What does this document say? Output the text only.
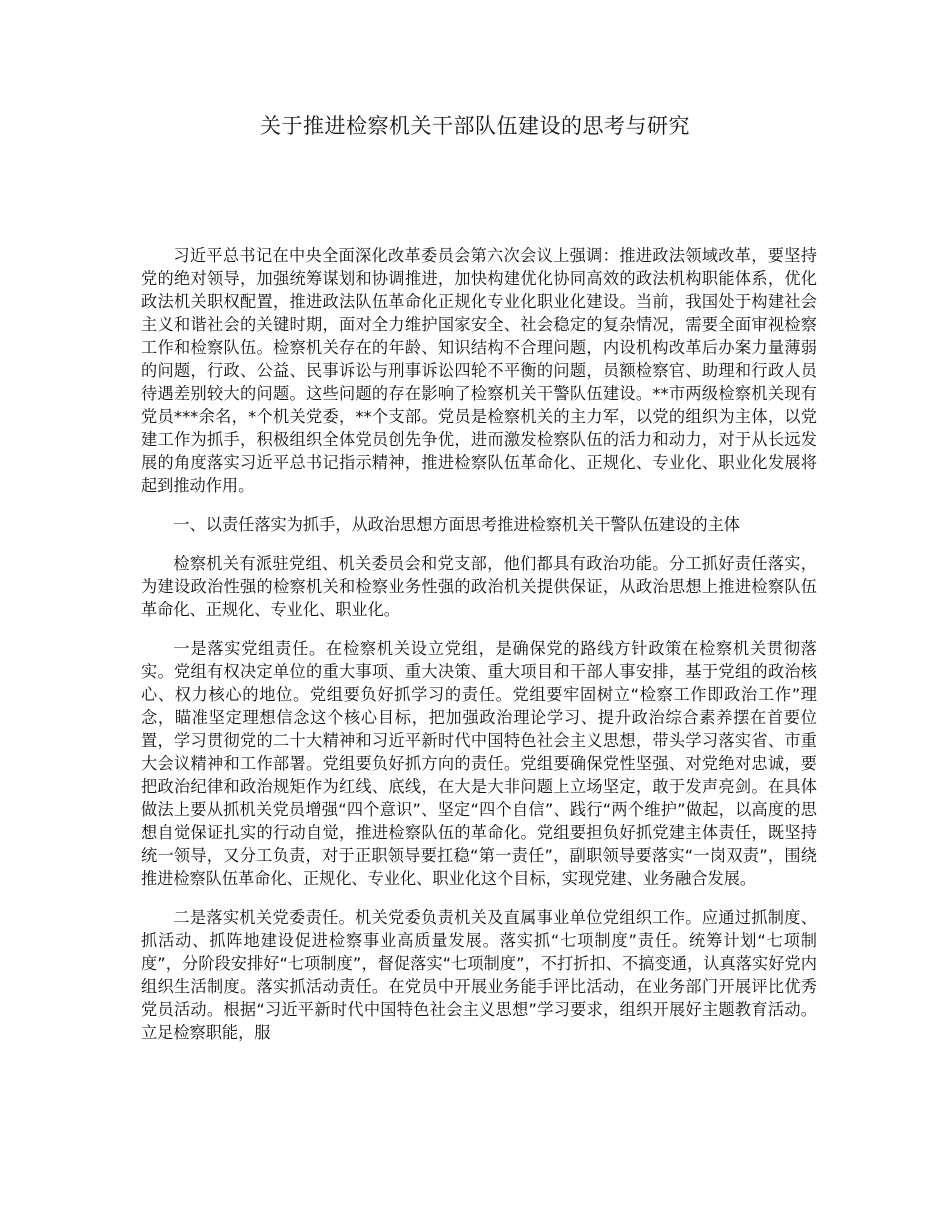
关于推进检察机关干部队伍建设的思考与研究

习近平总书记在中央全面深化改革委员会第六次会议上强调：推进政法领域改革，要坚持党的绝对领导，加强统筹谋划和协调推进，加快构建优化协同高效的政法机构职能体系，优化政法机关职权配置，推进政法队伍革命化正规化专业化职业化建设。当前，我国处于构建社会主义和谐社会的关键时期，面对全力维护国家安全、社会稳定的复杂情况，需要全面审视检察工作和检察队伍。检察机关存在的年龄、知识结构不合理问题，内设机构改革后办案力量薄弱的问题，行政、公益、民事诉讼与刑事诉讼四轮不平衡的问题，员额检察官、助理和行政人员待遇差别较大的问题。这些问题的存在影响了检察机关干警队伍建设。**市两级检察机关现有党员***余名，*个机关党委，**个支部。党员是检察机关的主力军，以党的组织为主体，以党建工作为抓手，积极组织全体党员创先争优，进而激发检察队伍的活力和动力，对于从长远发展的角度落实习近平总书记指示精神，推进检察队伍革命化、正规化、专业化、职业化发展将起到推动作用。

一、以责任落实为抓手，从政治思想方面思考推进检察机关干警队伍建设的主体

检察机关有派驻党组、机关委员会和党支部，他们都具有政治功能。分工抓好责任落实，为建设政治性强的检察机关和检察业务性强的政治机关提供保证，从政治思想上推进检察队伍革命化、正规化、专业化、职业化。

一是落实党组责任。在检察机关设立党组，是确保党的路线方针政策在检察机关贯彻落实。党组有权决定单位的重大事项、重大决策、重大项目和干部人事安排，基于党组的政治核心、权力核心的地位。党组要负好抓学习的责任。党组要牢固树立“检察工作即政治工作”理念，瞄准坚定理想信念这个核心目标，把加强政治理论学习、提升政治综合素养摆在首要位置，学习贯彻党的二十大精神和习近平新时代中国特色社会主义思想，带头学习落实省、市重大会议精神和工作部署。党组要负好抓方向的责任。党组要确保党性坚强、对党绝对忠诚，要把政治纪律和政治规矩作为红线、底线，在大是大非问题上立场坚定，敢于发声亮剑。在具体做法上要从抓机关党员增强“四个意识”、坚定“四个自信”、践行“两个维护”做起，以高度的思想自觉保证扎实的行动自觉，推进检察队伍的革命化。党组要担负好抓党建主体责任，既坚持统一领导，又分工负责，对于正职领导要扛稳“第一责任”，副职领导要落实“一岗双责”，围绕推进检察队伍革命化、正规化、专业化、职业化这个目标，实现党建、业务融合发展。

二是落实机关党委责任。机关党委负责机关及直属事业单位党组织工作。应通过抓制度、抓活动、抓阵地建设促进检察事业高质量发展。落实抓“七项制度”责任。统筹计划“七项制度”，分阶段安排好“七项制度”，督促落实“七项制度”，不打折扣、不搞变通，认真落实好党内组织生活制度。落实抓活动责任。在党员中开展业务能手评比活动，在业务部门开展评比优秀党员活动。根据“习近平新时代中国特色社会主义思想”学习要求，组织开展好主题教育活动。立足检察职能，服
